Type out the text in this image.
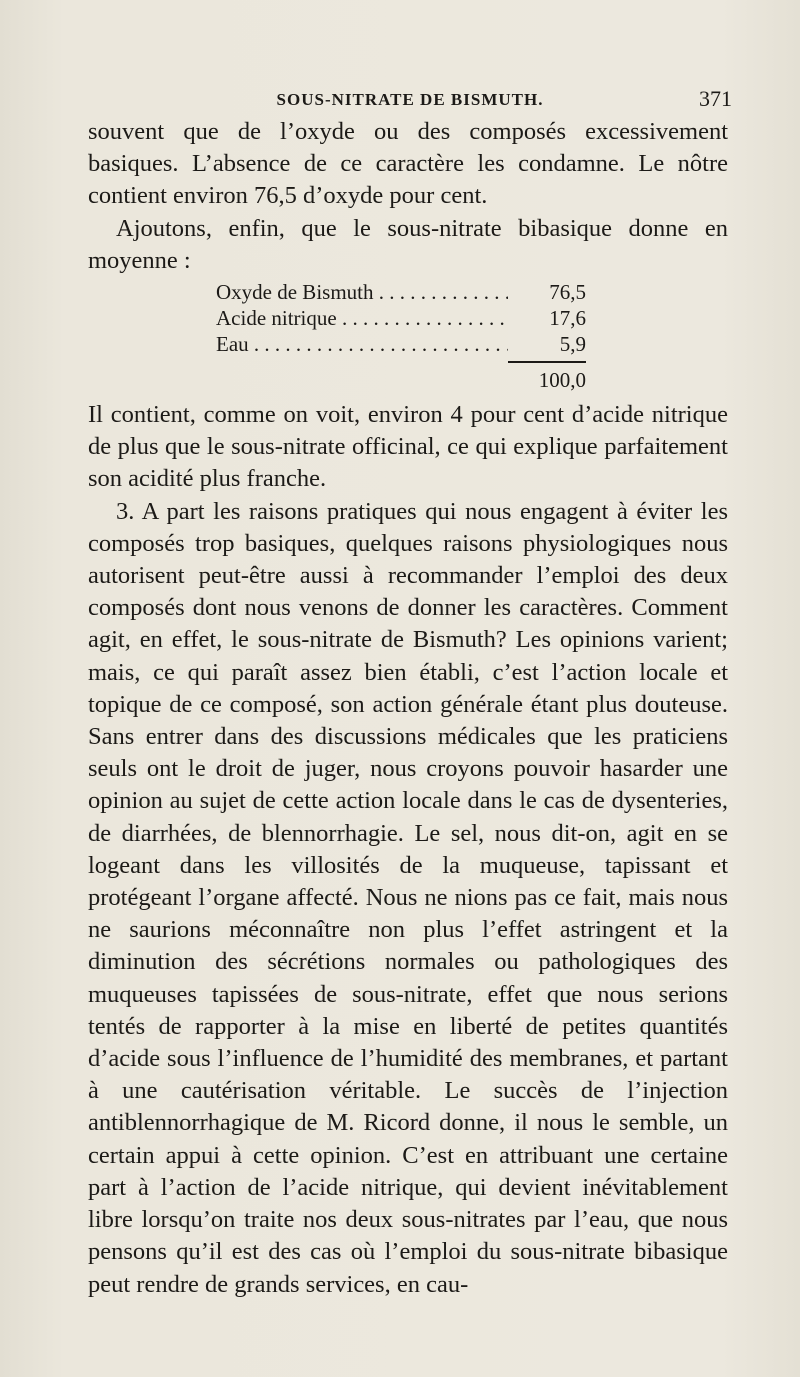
SOUS-NITRATE DE BISMUTH.	371

souvent que de l’oxyde ou des composés excessivement basiques. L’absence de ce caractère les condamne. Le nôtre contient environ 76,5 d’oxyde pour cent.

Ajoutons, enfin, que le sous-nitrate bibasique donne en moyenne :

Oxyde de Bismuth . . .	76,5
Acide nitrique . . .	17,6
Eau . . .	5,9
100,0

Il contient, comme on voit, environ 4 pour cent d’acide nitrique de plus que le sous-nitrate officinal, ce qui explique parfaitement son acidité plus franche.

3. A part les raisons pratiques qui nous engagent à éviter les composés trop basiques, quelques raisons physiologiques nous autorisent peut-être aussi à recommander l’emploi des deux composés dont nous venons de donner les caractères. Comment agit, en effet, le sous-nitrate de Bismuth? Les opinions varient; mais, ce qui paraît assez bien établi, c’est l’action locale et topique de ce composé, son action générale étant plus douteuse. Sans entrer dans des discussions médicales que les praticiens seuls ont le droit de juger, nous croyons pouvoir hasarder une opinion au sujet de cette action locale dans le cas de dysenteries, de diarrhées, de blennorrhagie. Le sel, nous dit-on, agit en se logeant dans les villosités de la muqueuse, tapissant et protégeant l’organe affecté. Nous ne nions pas ce fait, mais nous ne saurions méconnaître non plus l’effet astringent et la diminution des sécrétions normales ou pathologiques des muqueuses tapissées de sous-nitrate, effet que nous serions tentés de rapporter à la mise en liberté de petites quantités d’acide sous l’influence de l’humidité des membranes, et partant à une cautérisation véritable. Le succès de l’injection antiblennorrhagique de M. Ricord donne, il nous le semble, un certain appui à cette opinion. C’est en attribuant une certaine part à l’action de l’acide nitrique, qui devient inévitablement libre lorsqu’on traite nos deux sous-nitrates par l’eau, que nous pensons qu’il est des cas où l’emploi du sous-nitrate bibasique peut rendre de grands services, en cau-
